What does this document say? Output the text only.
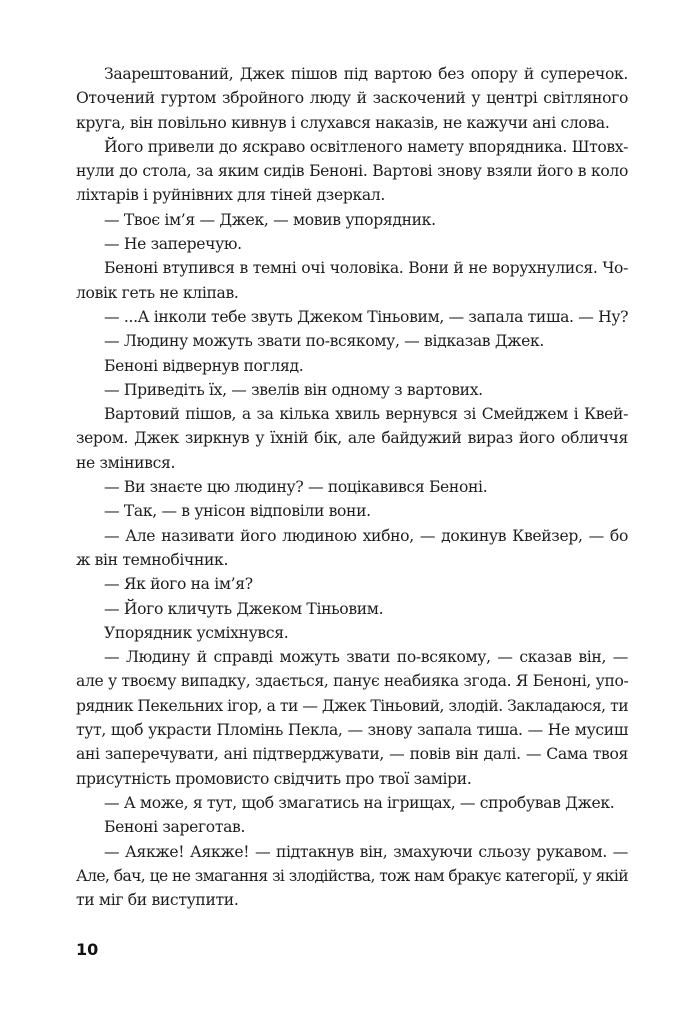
Заарештований, Джек пішов під вартою без опору й суперечок.
Оточений гуртом збройного люду й заскочений у центрі світляного
круга, він повільно кивнув і слухався наказів, не кажучи ані слова.
Його привели до яскраво освітленого намету впорядника. Штовх-
нули до стола, за яким сидів Беноні. Вартові знову взяли його в коло
ліхтарів і руйнівних для тіней дзеркал.
— Твоє ім’я — Джек, — мовив упорядник.
— Не заперечую.
Беноні втупився в темні очі чоловіка. Вони й не ворухнулися. Чо-
ловік геть не кліпав.
— ...А інколи тебе звуть Джеком Тіньовим, — запала тиша. — Ну?
— Людину можуть звати по-всякому, — відказав Джек.
Беноні відвернув погляд.
— Приведіть їх, — звелів він одному з вартових.
Вартовий пішов, а за кілька хвиль вернувся зі Смейджем і Квей-
зером. Джек зиркнув у їхній бік, але байдужий вираз його обличчя
не змінився.
— Ви знаєте цю людину? — поцікавився Беноні.
— Так, — в унісон відповіли вони.
— Але називати його людиною хибно, — докинув Квейзер, — бо
ж він темнобічник.
— Як його на ім’я?
— Його кличуть Джеком Тіньовим.
Упорядник усміхнувся.
— Людину й справді можуть звати по-всякому, — сказав він, —
але у твоєму випадку, здається, панує неабияка згода. Я Беноні, упо-
рядник Пекельних ігор, а ти — Джек Тіньовий, злодій. Закладаюся, ти
тут, щоб украсти Пломінь Пекла, — знову запала тиша. — Не мусиш
ані заперечувати, ані підтверджувати, — повів він далі. — Сама твоя
присутність промовисто свідчить про твої заміри.
— А може, я тут, щоб змагатись на ігрищах, — спробував Джек.
Беноні зареготав.
— Аякже! Аякже! — підтакнув він, змахуючи сльозу рукавом. —
Але, бач, це не змагання зі злодійства, тож нам бракує категорії, у якій
ти міг би виступити.
10
